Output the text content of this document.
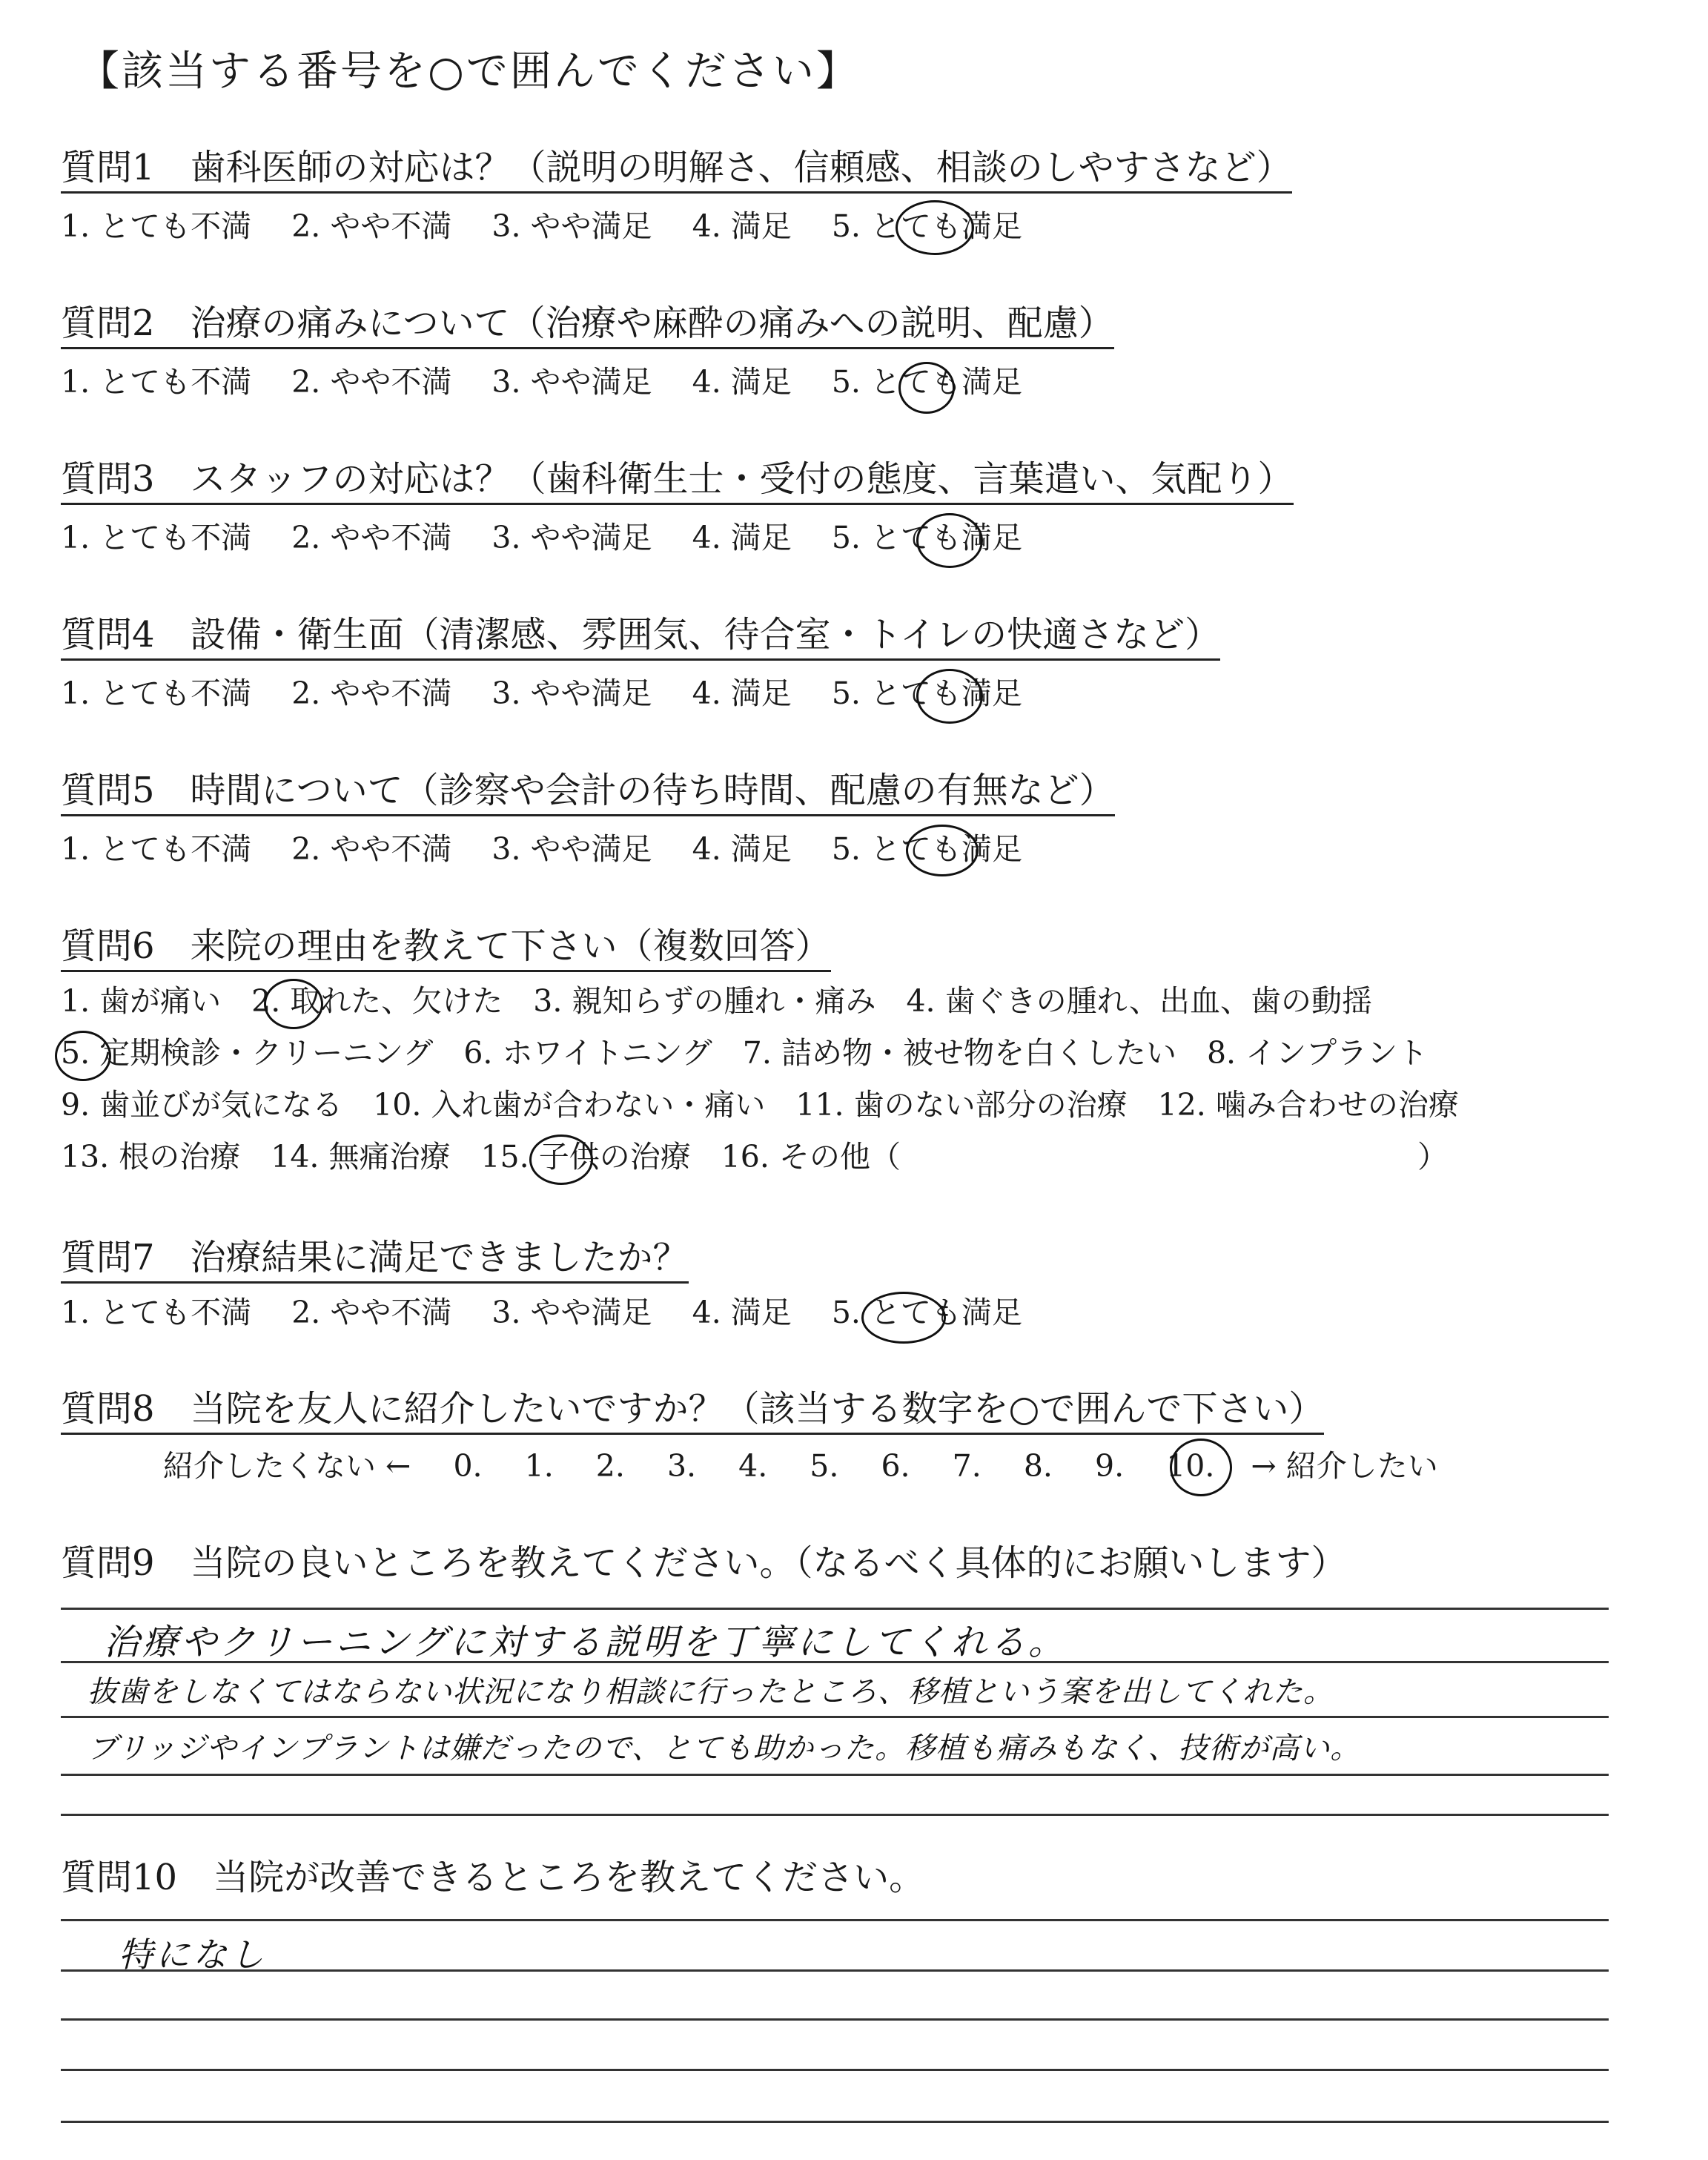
【該当する番号を○で囲んでください】
質問1　歯科医師の対応は？（説明の明解さ、信頼感、相談のしやすさなど）
1. とても不満　 2. やや不満　 3. やや満足　 4. 満足　 5. とても満足
質問2　治療の痛みについて（治療や麻酔の痛みへの説明、配慮）
1. とても不満　 2. やや不満　 3. やや満足　 4. 満足　 5. とても満足
質問3　スタッフの対応は？（歯科衛生士・受付の態度、言葉遣い、気配り）
1. とても不満　 2. やや不満　 3. やや満足　 4. 満足　 5. とても満足
質問4　設備・衛生面（清潔感、雰囲気、待合室・トイレの快適さなど）
1. とても不満　 2. やや不満　 3. やや満足　 4. 満足　 5. とても満足
質問5　時間について（診察や会計の待ち時間、配慮の有無など）
1. とても不満　 2. やや不満　 3. やや満足　 4. 満足　 5. とても満足
質問6　来院の理由を教えて下さい（複数回答）
1. 歯が痛い　2. 取れた、欠けた　3. 親知らずの腫れ・痛み　4. 歯ぐきの腫れ、出血、歯の動揺
5. 定期検診・クリーニング　6. ホワイトニング　7. 詰め物・被せ物を白くしたい　8. インプラント
9. 歯並びが気になる　10. 入れ歯が合わない・痛い　11. 歯のない部分の治療　12. 噛み合わせの治療
13. 根の治療　14. 無痛治療　15. 子供の治療　16. その他（　　　　　　　　　　　　　　　　　）
質問7　治療結果に満足できましたか？
1. とても不満　 2. やや不満　 3. やや満足　 4. 満足　 5. とても満足
質問8　当院を友人に紹介したいですか？（該当する数字を○で囲んで下さい）
紹介したくない ← 0. 1. 2. 3. 4. 5. 6. 7. 8. 9. 10. → 紹介したい
質問9　当院の良いところを教えてください。（なるべく具体的にお願いします）
治療やクリーニングに対する説明を丁寧にしてくれる。
抜歯をしなくてはならない状況になり相談に行ったところ、移植という案を出してくれた。
ブリッジやインプラントは嫌だったので、とても助かった。移植も痛みもなく、技術が高い。
質問10　当院が改善できるところを教えてください。
特になし
